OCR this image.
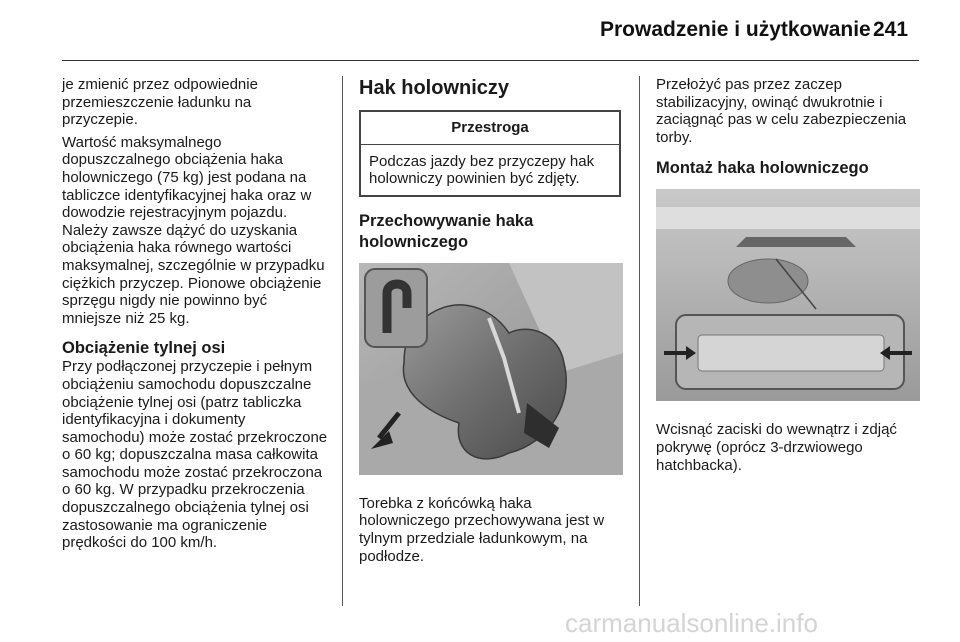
Prowadzenie i użytkowanie 241

je zmienić przez odpowiednie przemieszczenie ładunku na przyczepie.

Wartość maksymalnego dopuszczalnego obciążenia haka holowniczego (75 kg) jest podana na tabliczce identyfikacyjnej haka oraz w dowodzie rejestracyjnym pojazdu. Należy zawsze dążyć do uzyskania obciążenia haka równego wartości maksymalnej, szczególnie w przypadku ciężkich przyczep. Pionowe obciążenie sprzęgu nigdy nie powinno być mniejsze niż 25 kg.

Obciążenie tylnej osi

Przy podłączonej przyczepie i pełnym obciążeniu samochodu dopuszczalne obciążenie tylnej osi (patrz tabliczka identyfikacyjna i dokumenty samochodu) może zostać przekroczone o 60 kg; dopuszczalna masa całkowita samochodu może zostać przekroczona o 60 kg. W przypadku przekroczenia dopuszczalnego obciążenia tylnej osi zastosowanie ma ograniczenie prędkości do 100 km/h.

Hak holowniczy
Przestroga
Podczas jazdy bez przyczepy hak holowniczy powinien być zdjęty.
Przechowywanie haka holowniczego

Torebka z końcówką haka holowniczego przechowywana jest w tylnym przedziale ładunkowym, na podłodze.

Przełożyć pas przez zaczep stabilizacyjny, owinąć dwukrotnie i zaciągnąć pas w celu zabezpieczenia torby.

Montaż haka holowniczego

Wcisnąć zaciski do wewnątrz i zdjąć pokrywę (oprócz 3-drzwiowego hatchbacka).

carmanualsonline.info
